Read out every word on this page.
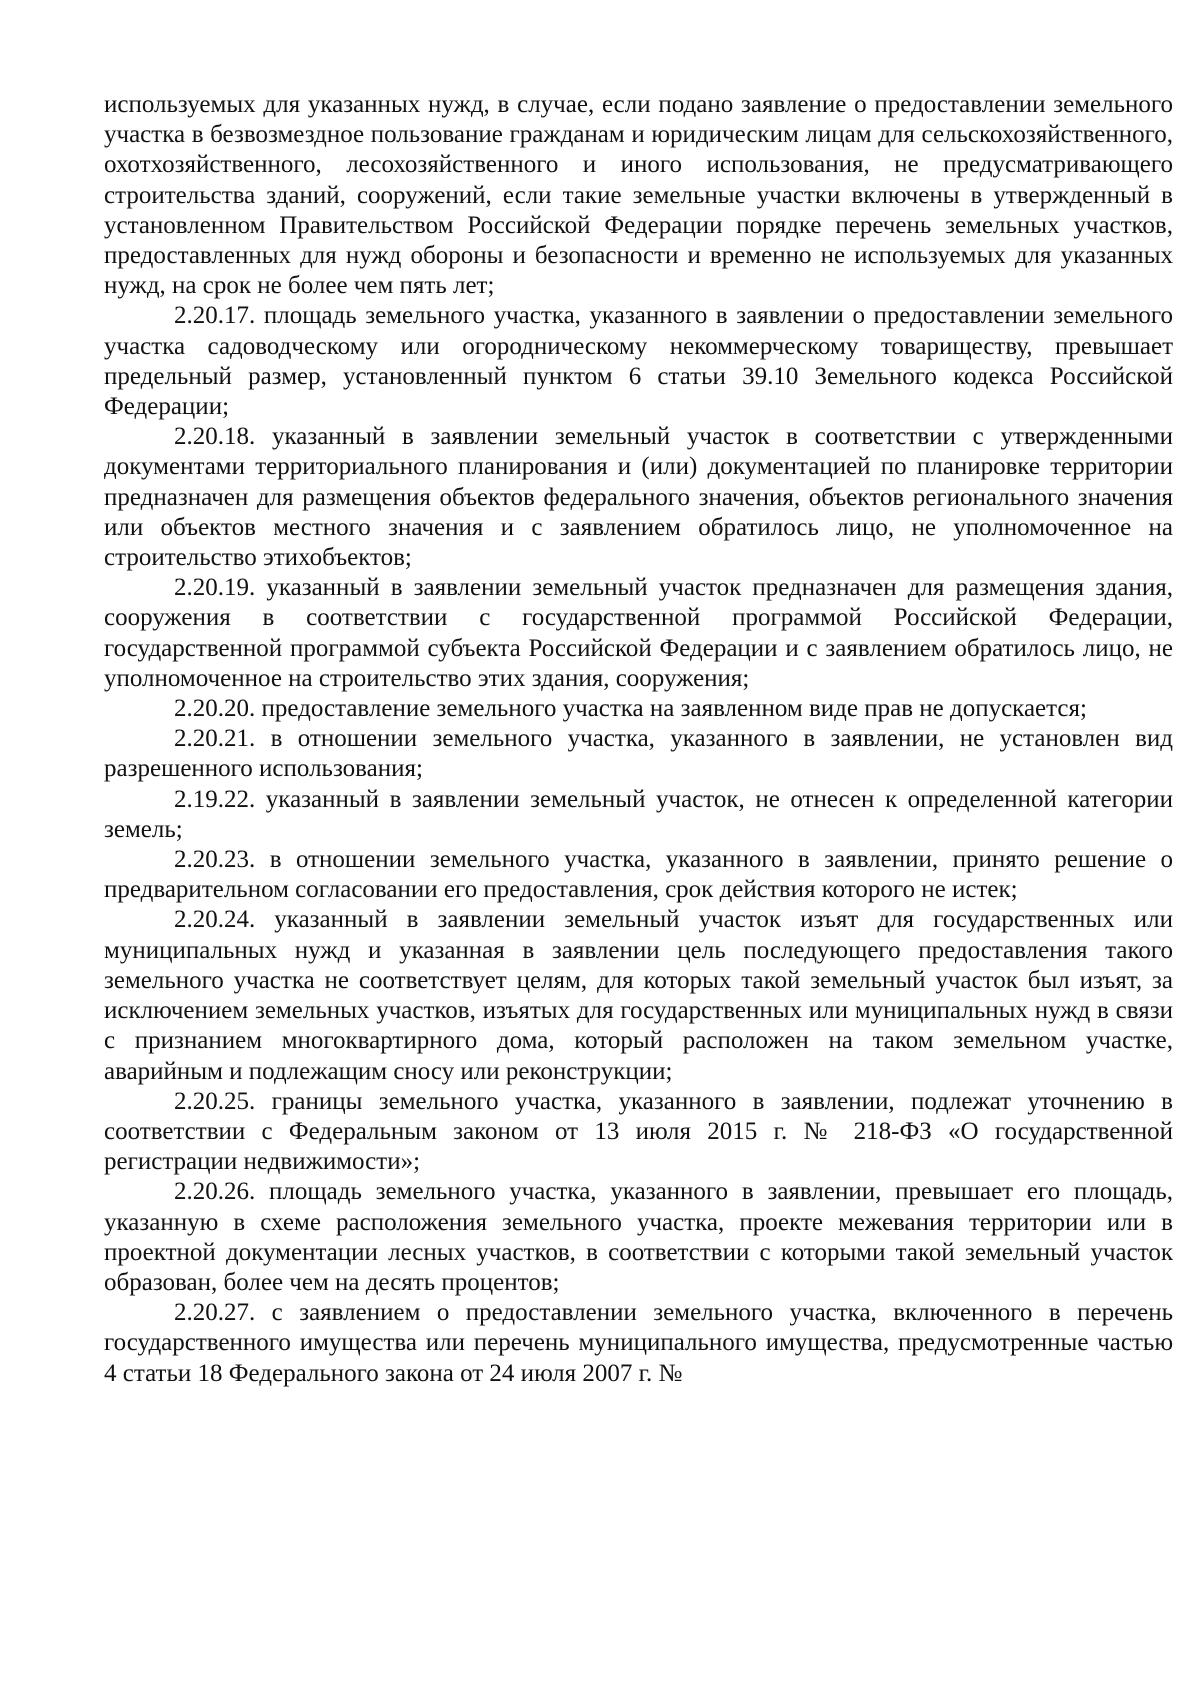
используемых для указанных нужд, в случае, если подано заявление о предоставлении земельного участка в безвозмездное пользование гражданам и юридическим лицам для сельскохозяйственного, охотхозяйственного, лесохозяйственного и иного использования, не предусматривающего строительства зданий, сооружений, если такие земельные участки включены в утвержденный в установленном Правительством Российской Федерации порядке перечень земельных участков, предоставленных для нужд обороны и безопасности и временно не используемых для указанных нужд, на срок не более чем пять лет;

2.20.17. площадь земельного участка, указанного в заявлении о предоставлении земельного участка садоводческому или огородническому некоммерческому товариществу, превышает предельный размер, установленный пунктом 6 статьи 39.10 Земельного кодекса Российской Федерации;

2.20.18. указанный в заявлении земельный участок в соответствии с утвержденными документами территориального планирования и (или) документацией по планировке территории предназначен для размещения объектов федерального значения, объектов регионального значения или объектов местного значения и с заявлением обратилось лицо, не уполномоченное на строительство этихобъектов;

2.20.19. указанный в заявлении земельный участок предназначен для размещения здания, сооружения в соответствии с государственной программой Российской Федерации, государственной программой субъекта Российской Федерации и с заявлением обратилось лицо, не уполномоченное на строительство этих здания, сооружения;

2.20.20. предоставление земельного участка на заявленном виде прав не допускается;

2.20.21. в отношении земельного участка, указанного в заявлении, не установлен вид разрешенного использования;

2.19.22. указанный в заявлении земельный участок, не отнесен к определенной категории земель;

2.20.23. в отношении земельного участка, указанного в заявлении, принято решение о предварительном согласовании его предоставления, срок действия которого не истек;

2.20.24. указанный в заявлении земельный участок изъят для государственных или муниципальных нужд и указанная в заявлении цель последующего предоставления такого земельного участка не соответствует целям, для которых такой земельный участок был изъят, за исключением земельных участков, изъятых для государственных или муниципальных нужд в связи с признанием многоквартирного дома, который расположен на таком земельном участке, аварийным и подлежащим сносу или реконструкции;

2.20.25. границы земельного участка, указанного в заявлении, подлежат уточнению в соответствии с Федеральным законом от 13 июля 2015 г. № 218-ФЗ «О государственной регистрации недвижимости»;

2.20.26. площадь земельного участка, указанного в заявлении, превышает его площадь, указанную в схеме расположения земельного участка, проекте межевания территории или в проектной документации лесных участков, в соответствии с которыми такой земельный участок образован, более чем на десять процентов;

2.20.27. с заявлением о предоставлении земельного участка, включенного в перечень государственного имущества или перечень муниципального имущества, предусмотренные частью 4 статьи 18 Федерального закона от 24 июля 2007 г. №
